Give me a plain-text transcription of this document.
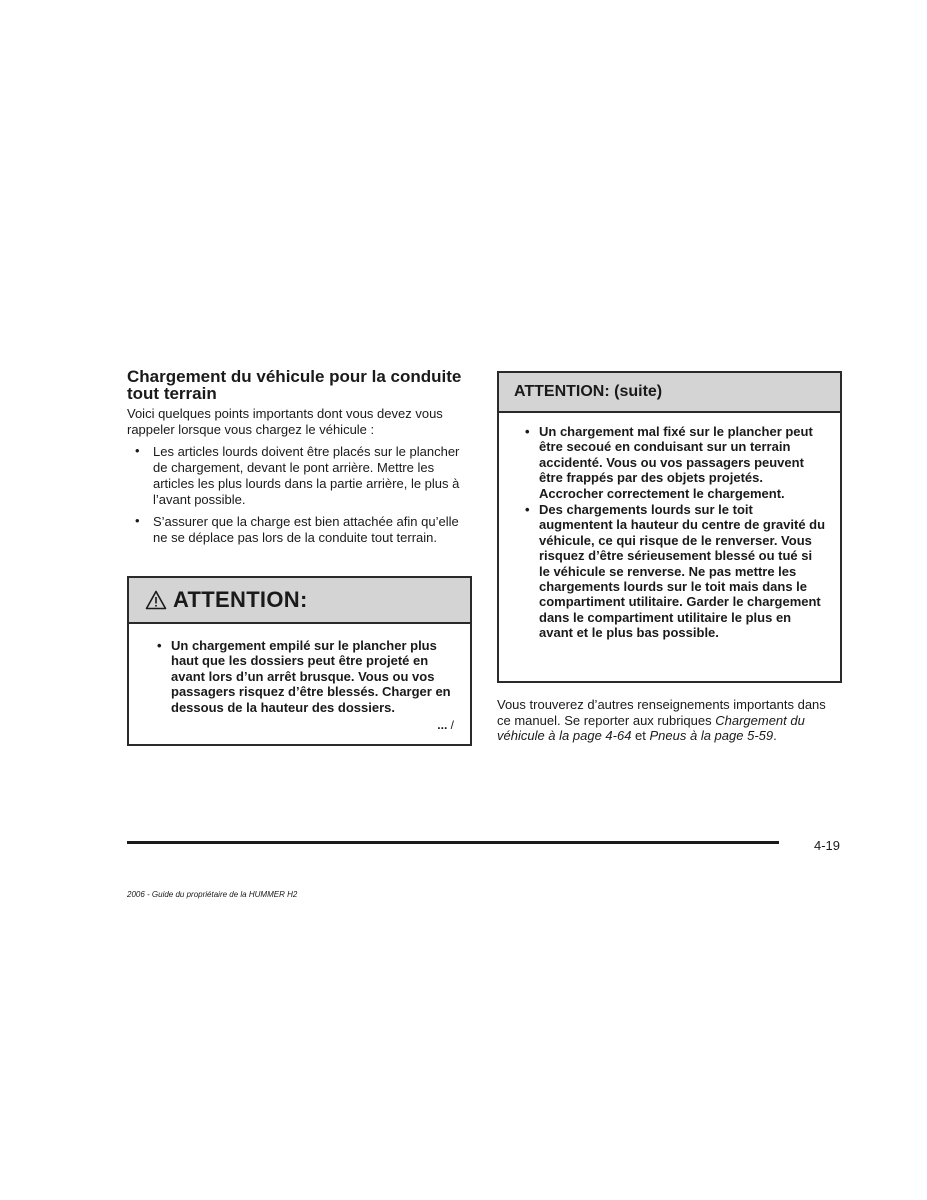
Chargement du véhicule pour la conduite tout terrain

Voici quelques points importants dont vous devez vous rappeler lorsque vous chargez le véhicule :

• Les articles lourds doivent être placés sur le plancher de chargement, devant le pont arrière. Mettre les articles les plus lourds dans la partie arrière, le plus à l’avant possible.
• S’assurer que la charge est bien attachée afin qu’elle ne se déplace pas lors de la conduite tout terrain.
ATTENTION:
• Un chargement empilé sur le plancher plus haut que les dossiers peut être projeté en avant lors d’un arrêt brusque. Vous ou vos passagers risquez d’être blessés. Charger en dessous de la hauteur des dossiers.
... /
ATTENTION: (suite)
• Un chargement mal fixé sur le plancher peut être secoué en conduisant sur un terrain accidenté. Vous ou vos passagers peuvent être frappés par des objets projetés. Accrocher correctement le chargement.
• Des chargements lourds sur le toit augmentent la hauteur du centre de gravité du véhicule, ce qui risque de le renverser. Vous risquez d’être sérieusement blessé ou tué si le véhicule se renverse. Ne pas mettre les chargements lourds sur le toit mais dans le compartiment utilitaire. Garder le chargement dans le compartiment utilitaire le plus en avant et le plus bas possible.

Vous trouverez d’autres renseignements importants dans ce manuel. Se reporter aux rubriques Chargement du véhicule à la page 4-64 et Pneus à la page 5-59.

4-19
2006 - Guide du propriétaire de la HUMMER H2
